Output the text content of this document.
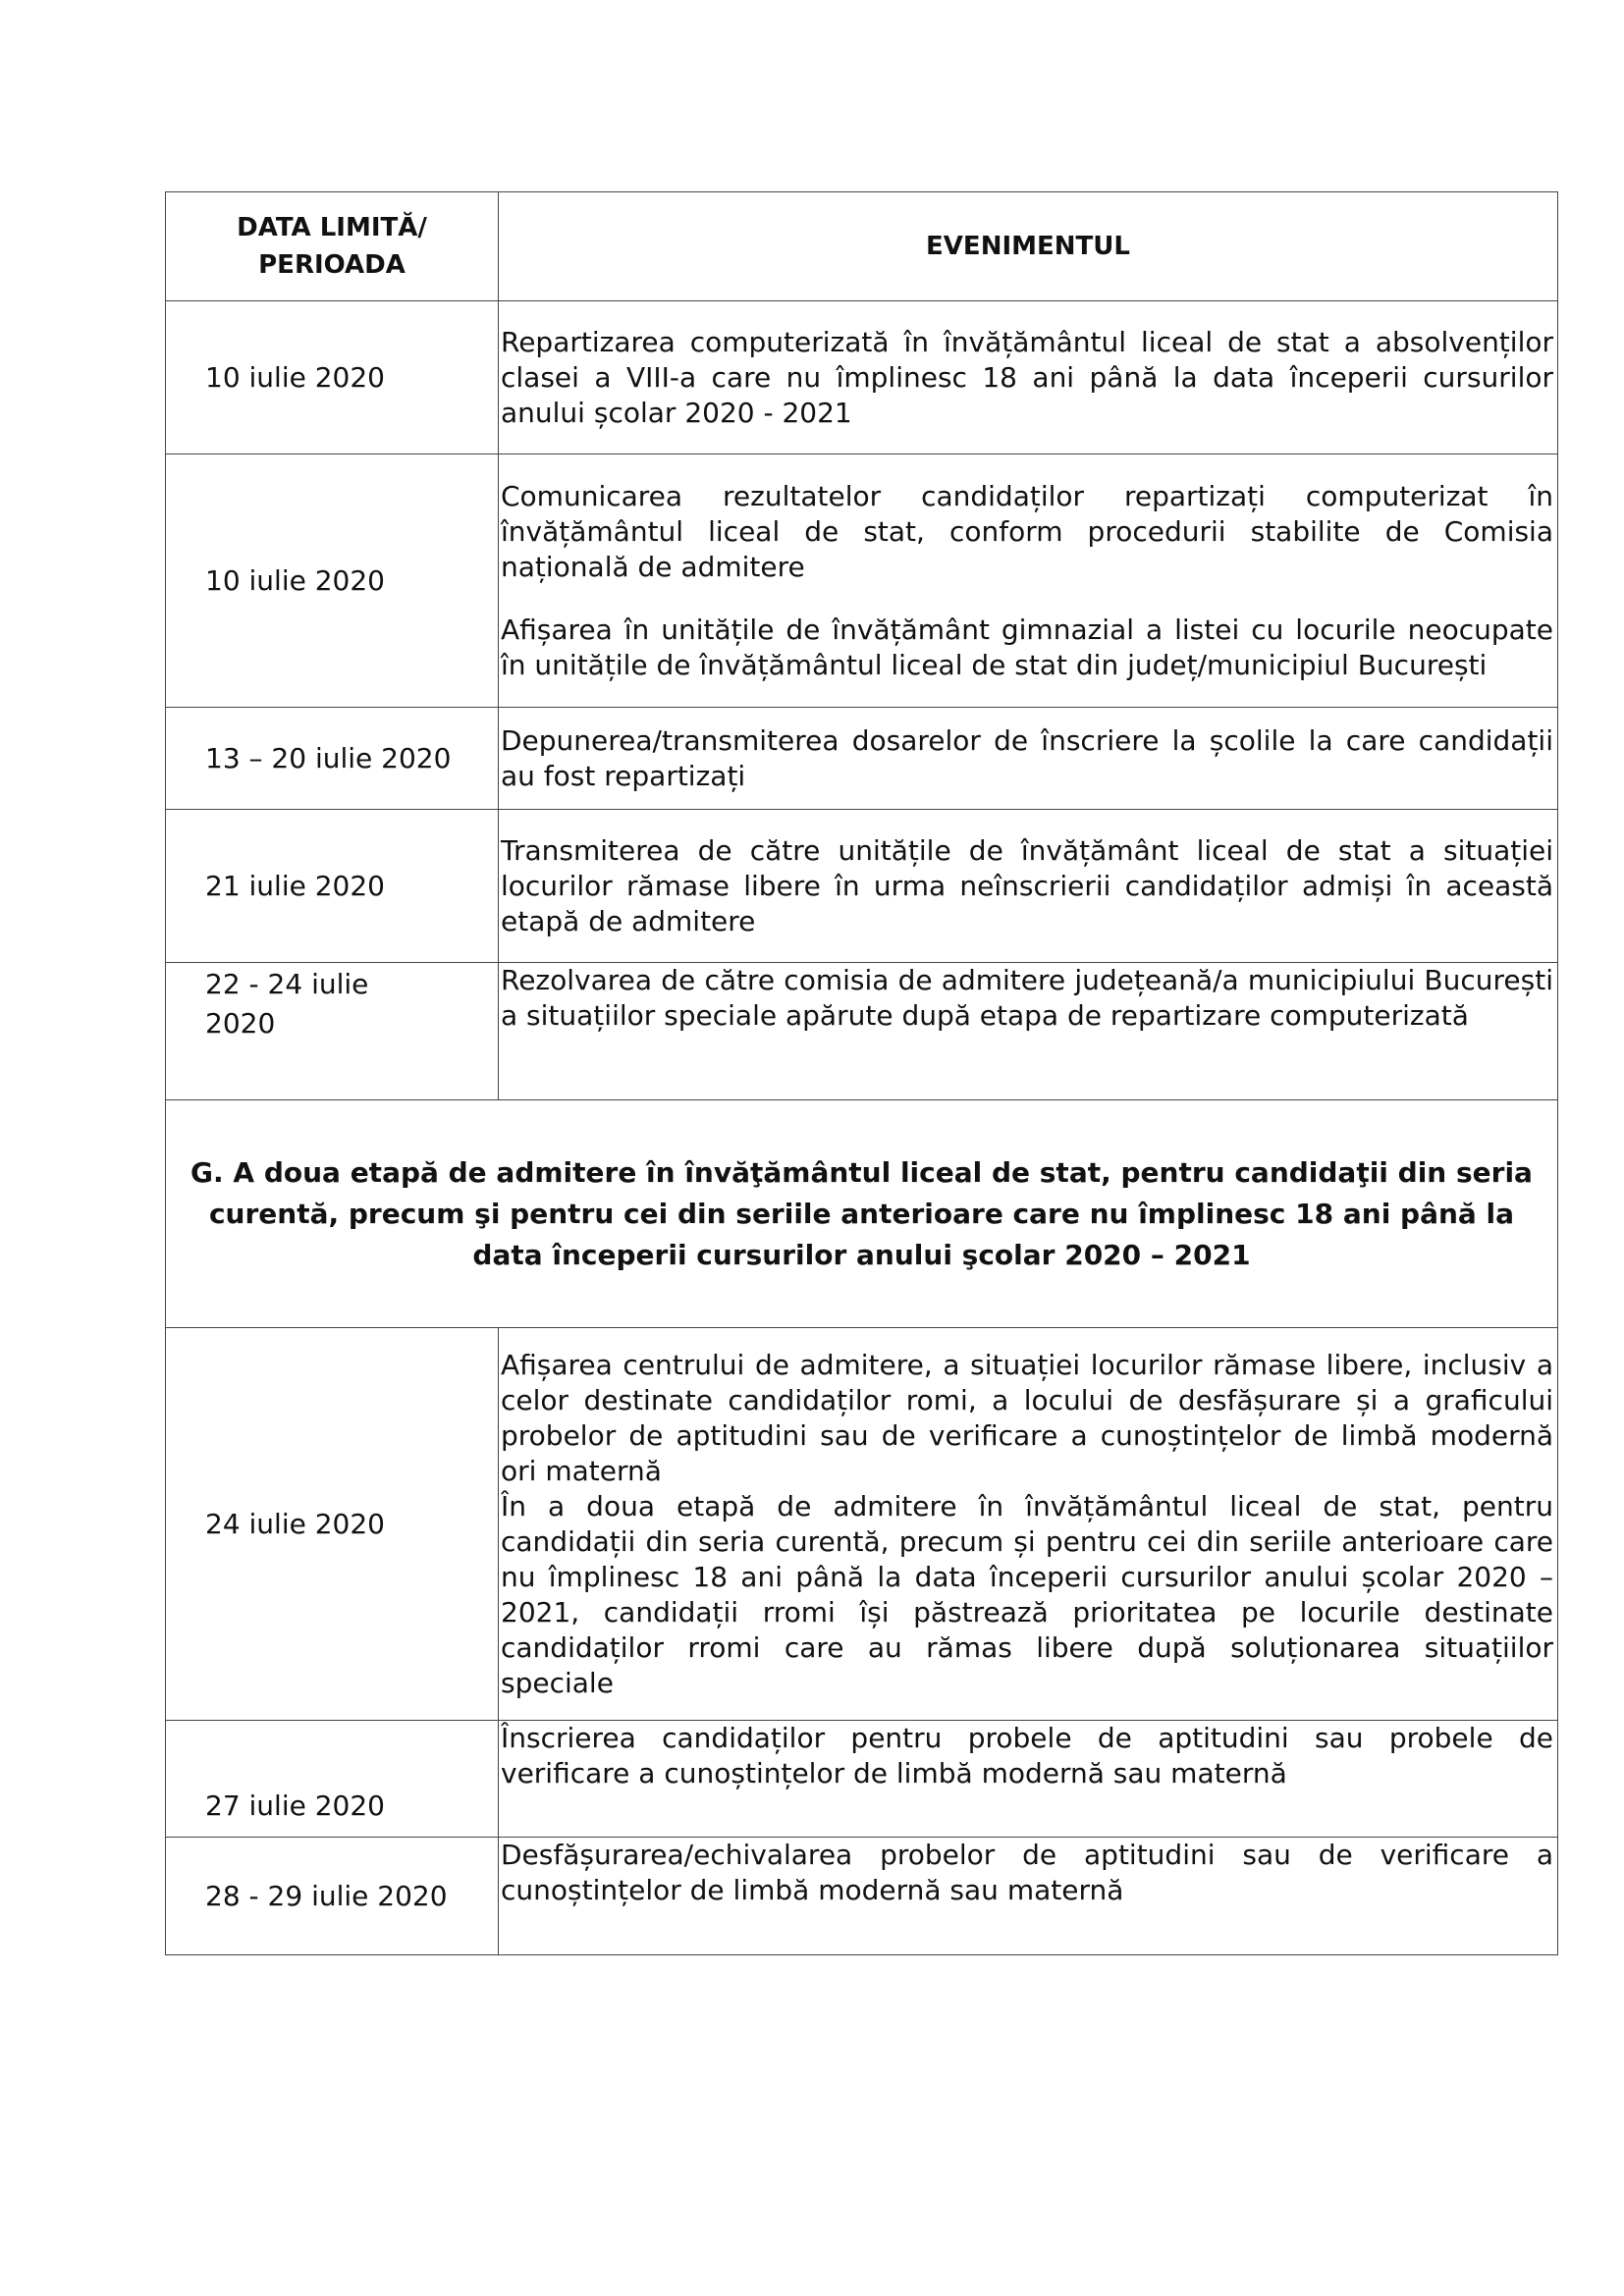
DATA LIMITĂ/ PERIOADA	EVENIMENTUL
10 iulie 2020	Repartizarea computerizată în învățământul liceal de stat a absolvenților clasei a VIII-a care nu împlinesc 18 ani până la data începerii cursurilor anului școlar 2020 - 2021

10 iulie 2020	Comunicarea rezultatelor candidaților repartizați computerizat în învățământul liceal de stat, conform procedurii stabilite de Comisia națională de admitere

Afișarea în unitățile de învățământ gimnazial a listei cu locurile neocupate în unitățile de învățământul liceal de stat din județ/municipiul București

13 – 20 iulie 2020	Depunerea/transmiterea dosarelor de înscriere la școlile la care candidații au fost repartizați

21 iulie 2020	Transmiterea de către unitățile de învățământ liceal de stat a situației locurilor rămase libere în urma neînscrierii candidaților admiși în această etapă de admitere

22 - 24 iulie 2020	Rezolvarea de către comisia de admitere județeană/a municipiului București a situațiilor speciale apărute după etapa de repartizare computerizată

G. A doua etapă de admitere în învăţământul liceal de stat, pentru candidaţii din seria curentă, precum şi pentru cei din seriile anterioare care nu împlinesc 18 ani până la data începerii cursurilor anului şcolar 2020 – 2021	
24 iulie 2020	Afișarea centrului de admitere, a situației locurilor rămase libere, inclusiv a celor destinate candidaților romi, a locului de desfășurare și a graficului probelor de aptitudini sau de verificare a cunoștințelor de limbă modernă ori maternă

În a doua etapă de admitere în învățământul liceal de stat, pentru candidații din seria curentă, precum și pentru cei din seriile anterioare care nu împlinesc 18 ani până la data începerii cursurilor anului școlar 2020 – 2021, candidații rromi își păstrează prioritatea pe locurile destinate candidaților rromi care au rămas libere după soluționarea situațiilor speciale

27 iulie 2020	Înscrierea candidaților pentru probele de aptitudini sau probele de verificare a cunoștințelor de limbă modernă sau maternă

28 - 29 iulie 2020	Desfășurarea/echivalarea probelor de aptitudini sau de verificare a cunoștințelor de limbă modernă sau maternă
